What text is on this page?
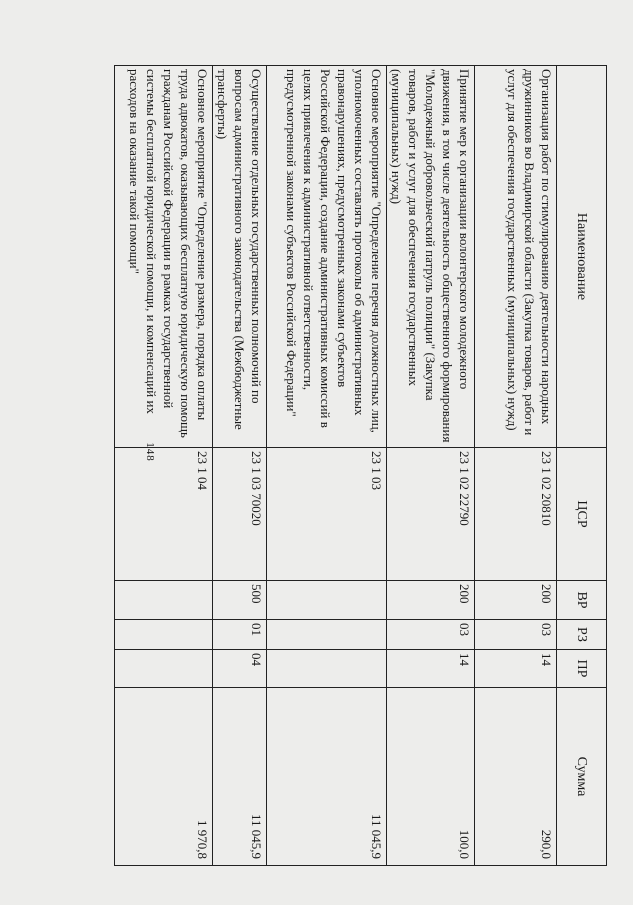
148
Наименование	ЦСР	ВР	РЗ	ПР	Сумма
Организация работ по стимулированию деятельности народных дружинников во Владимирской области (Закупка товаров, работ и услуг для обеспечения государственных (муниципальных) нужд)	23 1 02 20810	200	03	14	290,0
Принятие мер к организации волонтерского молодежного движения, в том числе деятельность общественного формирования "Молодежный добровольческий патруль полиции" (Закупка товаров, работ и услуг для обеспечения государственных (муниципальных) нужд)	23 1 02 22790	200	03	14	100,0
Основное мероприятие "Определение перечня должностных лиц, уполномоченных составлять протоколы об административных правонарушениях, предусмотренных законами субъектов Российской Федерации, создание административных комиссий в целях привлечения к административной ответственности, предусмотренной законами субъектов Российской Федерации"	23 1 03				11 045,9
Осуществление отдельных государственных полномочий по вопросам административного законодательства (Межбюджетные трансферты)	23 1 03 70020	500	01	04	11 045,9
Основное мероприятие "Определение размера, порядка оплаты труда адвокатов, оказывающих бесплатную юридическую помощь гражданам Российской Федерации в рамках государственной системы бесплатной юридической помощи, и компенсаций их расходов на оказание такой помощи"	23 1 04				1 970,8
